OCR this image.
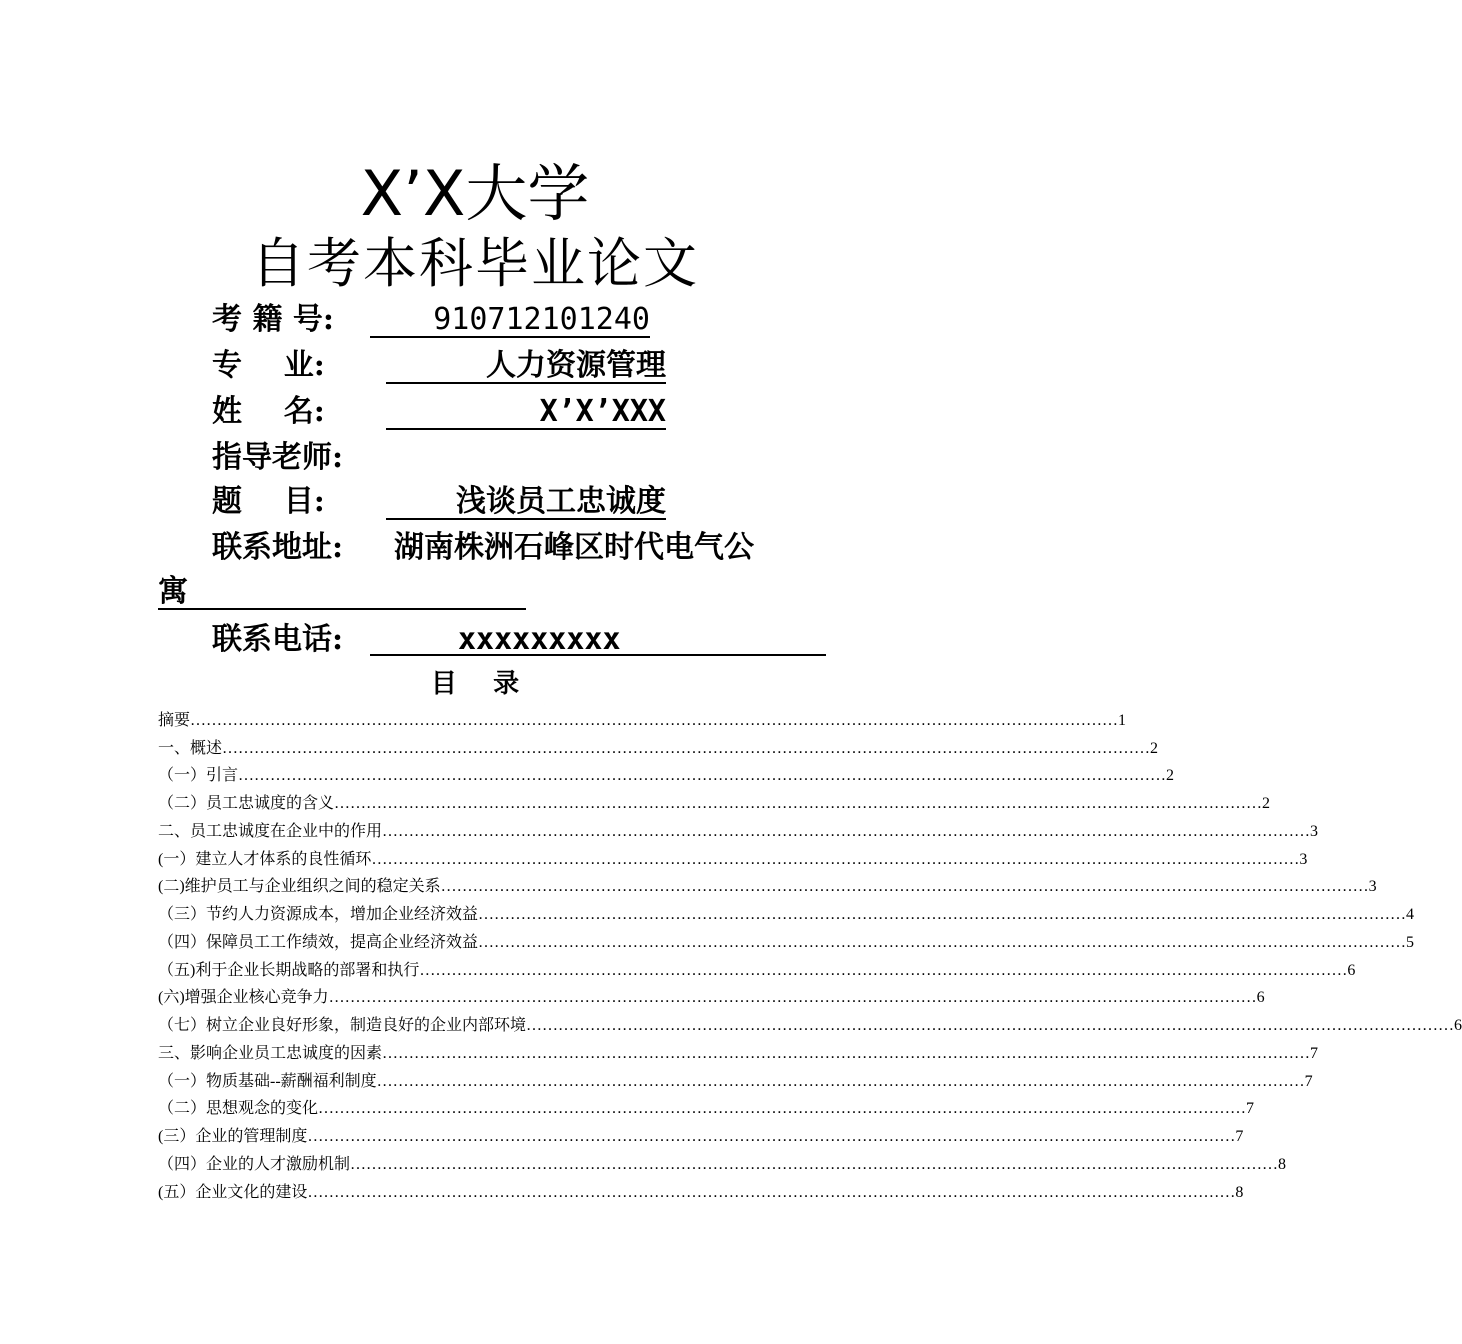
X’X大学
自考本科毕业论文
考 籍 号:	910712101240
专    业:	人力资源管理
姓    名:	X’X’XXX
指导老师:
题    目:	浅谈员工忠诚度
联系地址: 湖南株洲石峰区时代电气公
寓
联系电话:	xxxxxxxxx
目    录
摘要 ………………………………………………………………………………………………………………………………………………………… 1
一、概述 ………………………………………………………………………………………………………………………………………………………… 2
（一）引言 ………………………………………………………………………………………………………………………………………………………… 2
（二）员工忠诚度的含义 ………………………………………………………………………………………………………………………………………………………… 2
二、员工忠诚度在企业中的作用 ………………………………………………………………………………………………………………………………………………………… 3
(一）建立人才体系的良性循环 ………………………………………………………………………………………………………………………………………………………… 3
(二)维护员工与企业组织之间的稳定关系 ………………………………………………………………………………………………………………………………………………………… 3
（三）节约人力资源成本，增加企业经济效益 ………………………………………………………………………………………………………………………………………………………… 4
（四）保障员工工作绩效，提高企业经济效益 ………………………………………………………………………………………………………………………………………………………… 5
（五)利于企业长期战略的部署和执行 ………………………………………………………………………………………………………………………………………………………… 6
(六)增强企业核心竞争力 ………………………………………………………………………………………………………………………………………………………… 6
（七）树立企业良好形象，制造良好的企业内部环境 ………………………………………………………………………………………………………………………………………………………… 6
三、影响企业员工忠诚度的因素 ………………………………………………………………………………………………………………………………………………………… 7
（一）物质基础--薪酬福利制度 ………………………………………………………………………………………………………………………………………………………… 7
（二）思想观念的变化 ………………………………………………………………………………………………………………………………………………………… 7
(三）企业的管理制度 ………………………………………………………………………………………………………………………………………………………… 7
（四）企业的人才激励机制 ………………………………………………………………………………………………………………………………………………………… 8
(五）企业文化的建设 ………………………………………………………………………………………………………………………………………………………… 8
